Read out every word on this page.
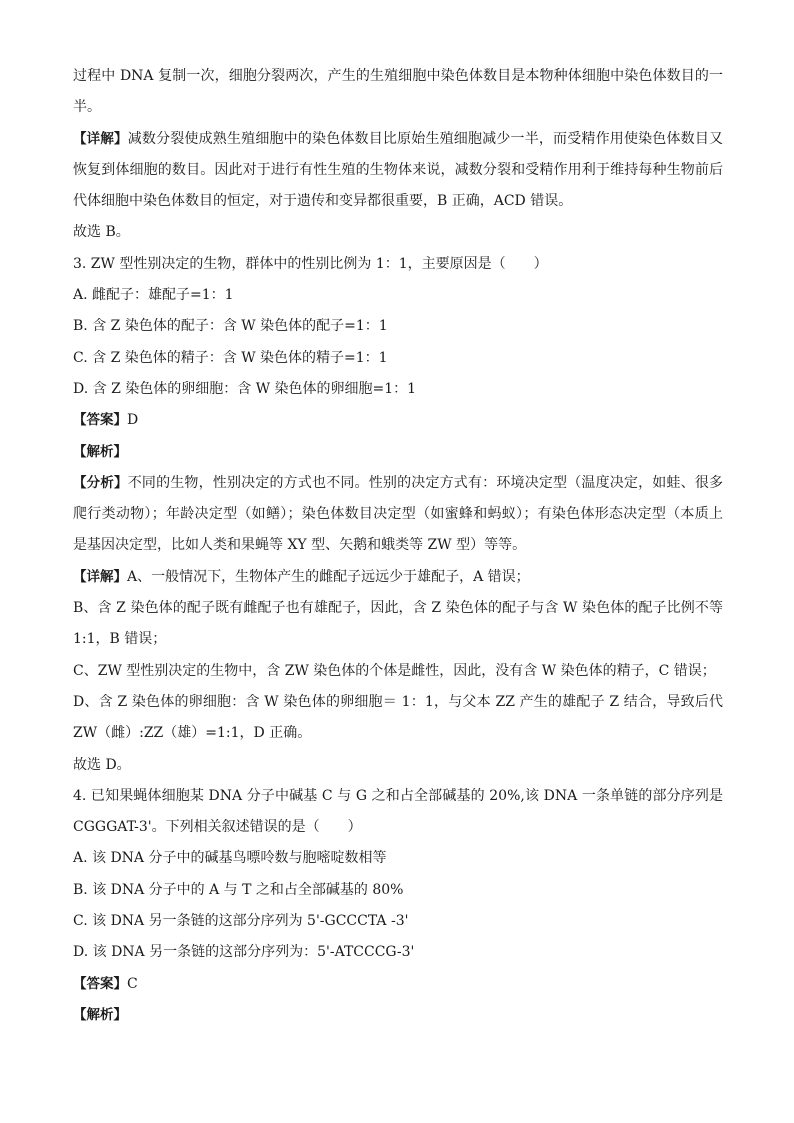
过程中 DNA 复制一次，细胞分裂两次，产生的生殖细胞中染色体数目是本物种体细胞中染色体数目的一
半。
【详解】减数分裂使成熟生殖细胞中的染色体数目比原始生殖细胞减少一半，而受精作用使染色体数目又
恢复到体细胞的数目。因此对于进行有性生殖的生物体来说，减数分裂和受精作用利于维持每种生物前后
代体细胞中染色体数目的恒定，对于遗传和变异都很重要，B 正确，ACD 错误。
故选 B。
3. ZW 型性别决定的生物，群体中的性别比例为 1：1，主要原因是（　　）
A. 雌配子：雄配子=1：1
B. 含 Z 染色体的配子：含 W 染色体的配子=1：1
C. 含 Z 染色体的精子：含 W 染色体的精子=1：1
D. 含 Z 染色体的卵细胞：含 W 染色体的卵细胞=1：1
【答案】D
【解析】
【分析】不同的生物，性别决定的方式也不同。性别的决定方式有：环境决定型（温度决定，如蛙、很多
爬行类动物）；年龄决定型（如鳝）；染色体数目决定型（如蜜蜂和蚂蚁）；有染色体形态决定型（本质上
是基因决定型，比如人类和果蝇等 XY 型、矢鹅和蛾类等 ZW 型）等等。
【详解】A、一般情况下，生物体产生的雌配子远远少于雄配子，A 错误；
B、含 Z 染色体的配子既有雌配子也有雄配子，因此，含 Z 染色体的配子与含 W 染色体的配子比例不等
1:1，B 错误；
C、ZW 型性别决定的生物中，含 ZW 染色体的个体是雌性，因此，没有含 W 染色体的精子，C 错误；
D、含 Z 染色体的卵细胞：含 W 染色体的卵细胞＝ 1：1，与父本 ZZ 产生的雄配子 Z 结合，导致后代
ZW（雌）:ZZ（雄）=1:1，D 正确。
故选 D。
4. 已知果蝇体细胞某 DNA 分子中碱基 C 与 G 之和占全部碱基的 20%,该 DNA 一条单链的部分序列是
CGGGAT-3'。下列相关叙述错误的是（　　）
A. 该 DNA 分子中的碱基鸟嘌呤数与胞嘧啶数相等
B. 该 DNA 分子中的 A 与 T 之和占全部碱基的 80%
C. 该 DNA 另一条链的这部分序列为 5'-GCCCTA -3'
D. 该 DNA 另一条链的这部分序列为：5'-ATCCCG-3'
【答案】C
【解析】
